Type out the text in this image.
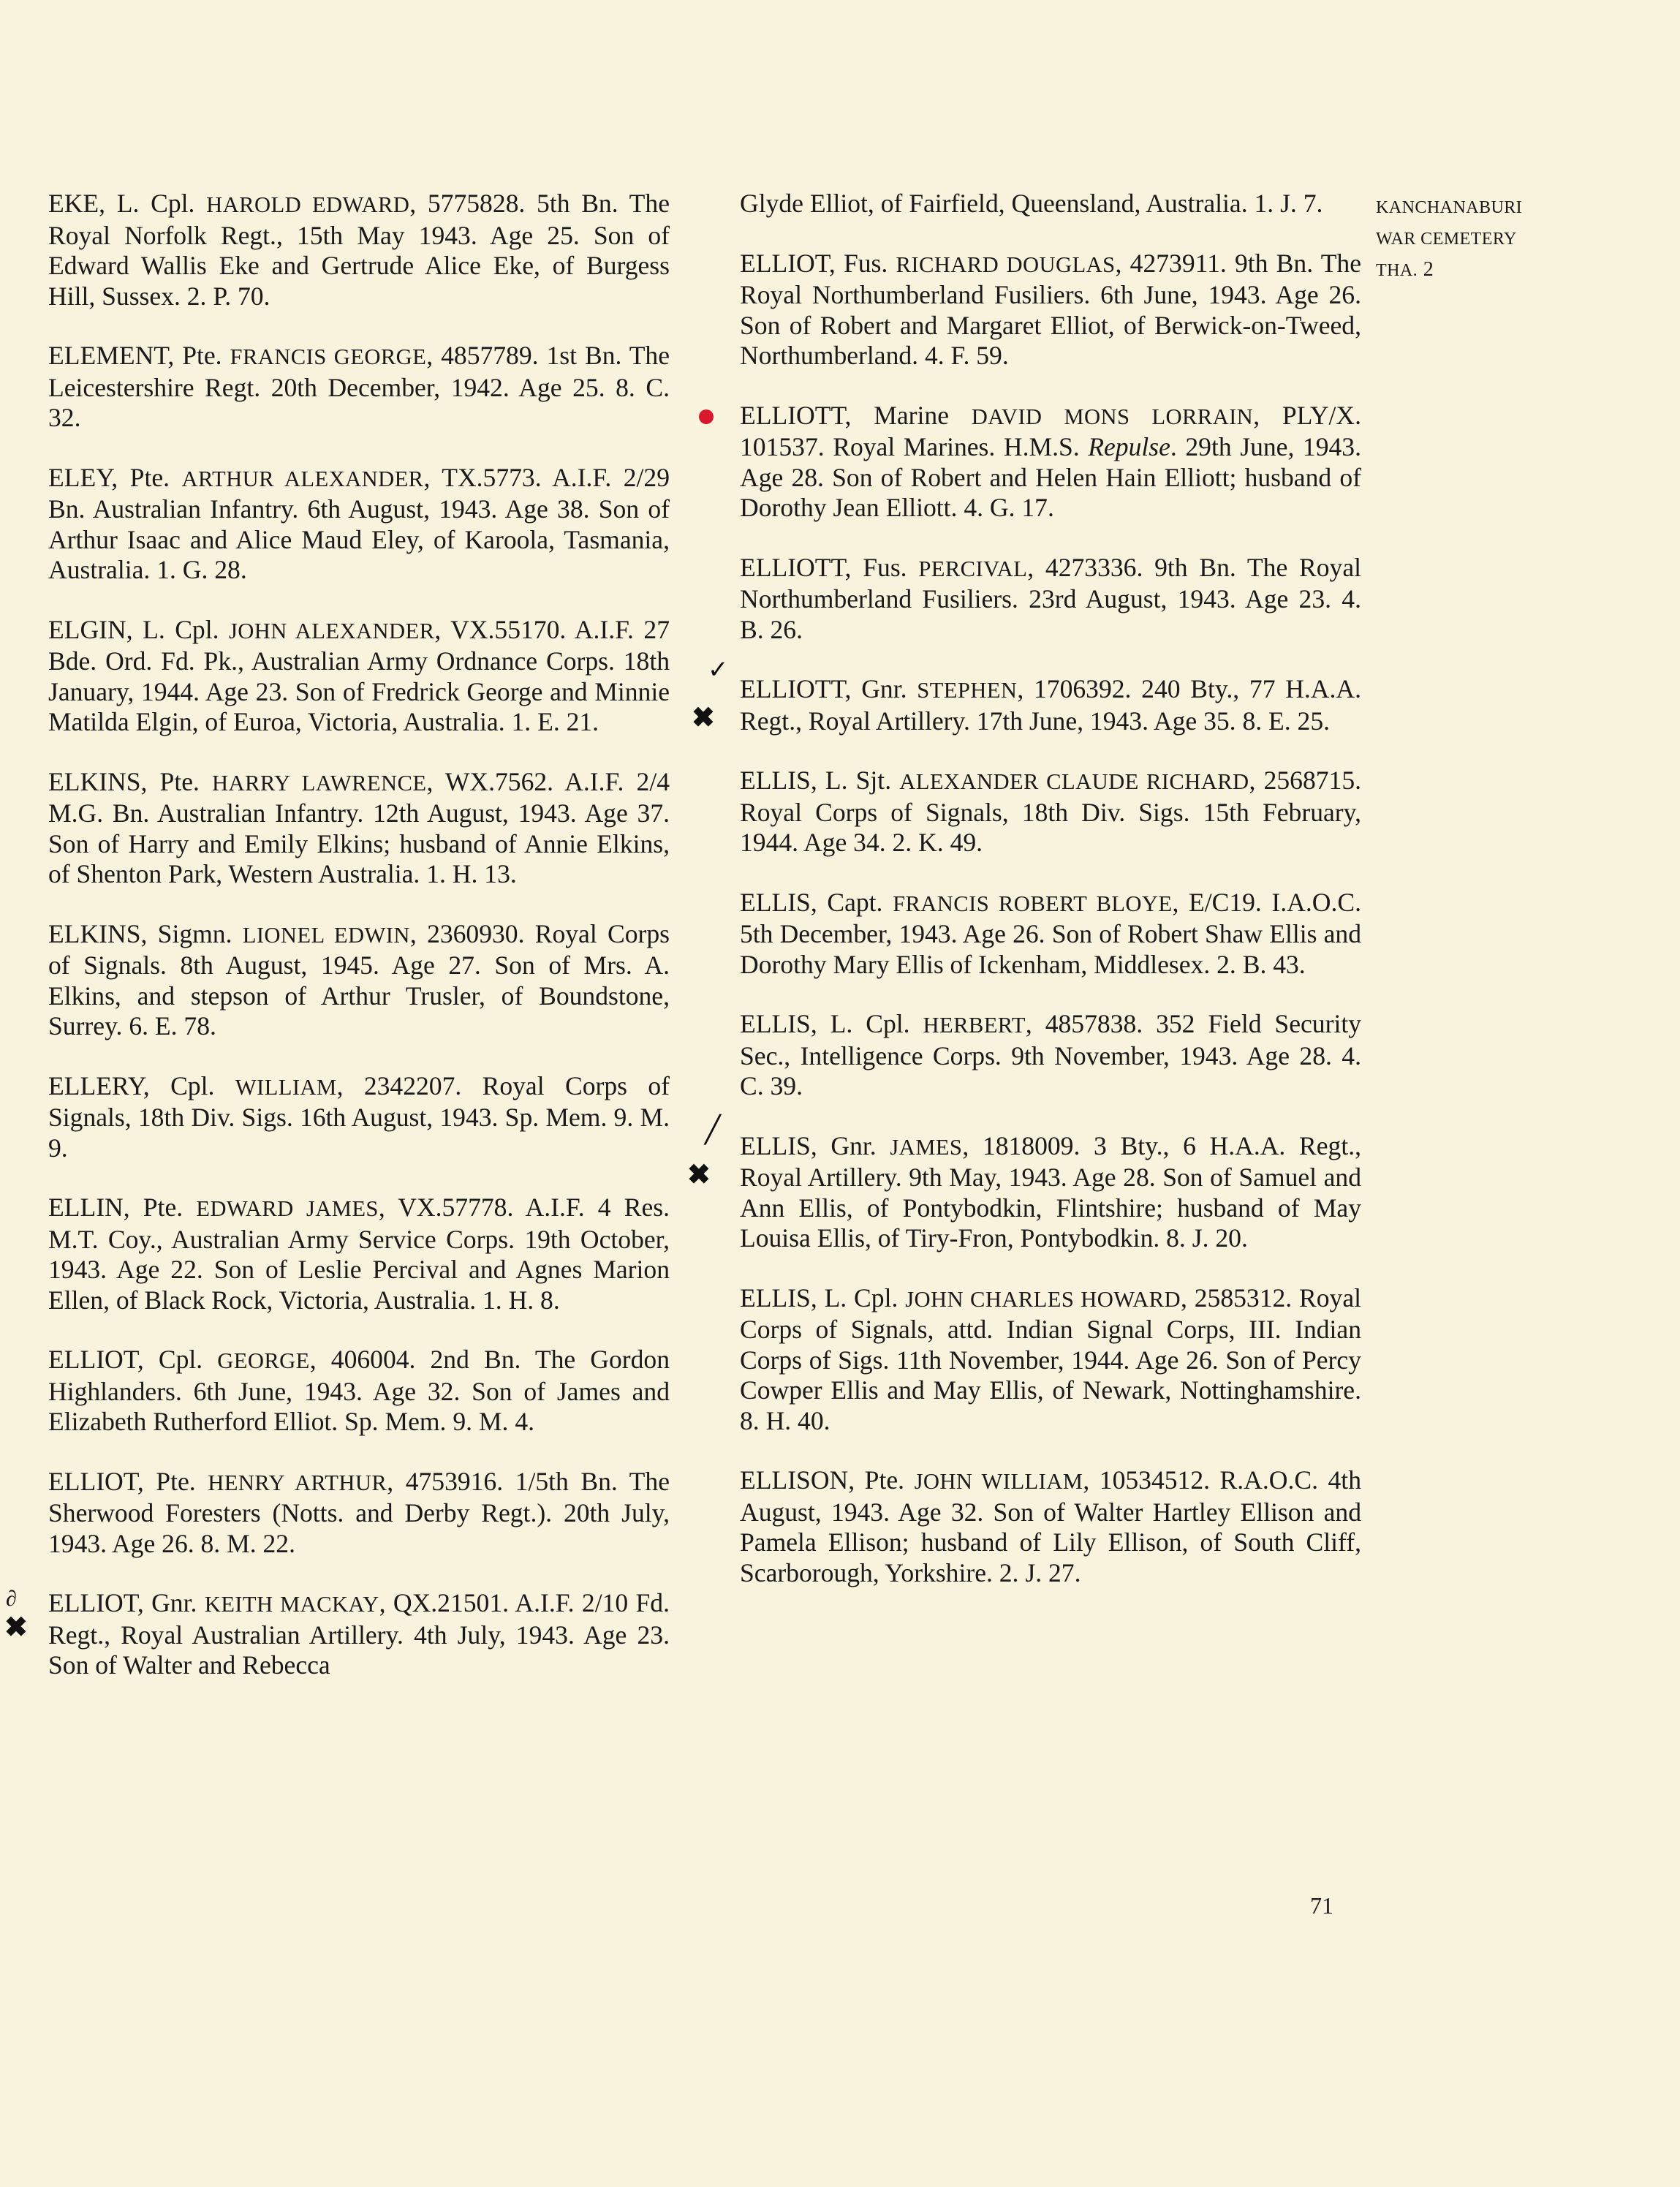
KANCHANABURI
WAR CEMETERY
THA. 2

EKE, L. Cpl. HAROLD EDWARD, 5775828. 5th Bn. The Royal Norfolk Regt., 15th May 1943. Age 25. Son of Edward Wallis Eke and Gertrude Alice Eke, of Burgess Hill, Sussex. 2. P. 70.

ELEMENT, Pte. FRANCIS GEORGE, 4857789. 1st Bn. The Leicestershire Regt. 20th December, 1942. Age 25. 8. C. 32.

ELEY, Pte. ARTHUR ALEXANDER, TX.5773. A.I.F. 2/29 Bn. Australian Infantry. 6th August, 1943. Age 38. Son of Arthur Isaac and Alice Maud Eley, of Karoola, Tasmania, Australia. 1. G. 28.

ELGIN, L. Cpl. JOHN ALEXANDER, VX.55170. A.I.F. 27 Bde. Ord. Fd. Pk., Australian Army Ordnance Corps. 18th January, 1944. Age 23. Son of Fredrick George and Minnie Matilda Elgin, of Euroa, Victoria, Australia. 1. E. 21.

ELKINS, Pte. HARRY LAWRENCE, WX.7562. A.I.F. 2/4 M.G. Bn. Australian Infantry. 12th August, 1943. Age 37. Son of Harry and Emily Elkins; husband of Annie Elkins, of Shenton Park, Western Australia. 1. H. 13.

ELKINS, Sigmn. LIONEL EDWIN, 2360930. Royal Corps of Signals. 8th August, 1945. Age 27. Son of Mrs. A. Elkins, and stepson of Arthur Trusler, of Boundstone, Surrey. 6. E. 78.

ELLERY, Cpl. WILLIAM, 2342207. Royal Corps of Signals, 18th Div. Sigs. 16th August, 1943. Sp. Mem. 9. M. 9.

ELLIN, Pte. EDWARD JAMES, VX.57778. A.I.F. 4 Res. M.T. Coy., Australian Army Service Corps. 19th October, 1943. Age 22. Son of Leslie Percival and Agnes Marion Ellen, of Black Rock, Victoria, Australia. 1. H. 8.

ELLIOT, Cpl. GEORGE, 406004. 2nd Bn. The Gordon Highlanders. 6th June, 1943. Age 32. Son of James and Elizabeth Rutherford Elliot. Sp. Mem. 9. M. 4.

ELLIOT, Pte. HENRY ARTHUR, 4753916. 1/5th Bn. The Sherwood Foresters (Notts. and Derby Regt.). 20th July, 1943. Age 26. 8. M. 22.

∂
✖
ELLIOT, Gnr. KEITH MACKAY, QX.21501. A.I.F. 2/10 Fd. Regt., Royal Australian Artillery. 4th July, 1943. Age 23. Son of Walter and Rebecca

Glyde Elliot, of Fairfield, Queensland, Australia. 1. J. 7.

ELLIOT, Fus. RICHARD DOUGLAS, 4273911. 9th Bn. The Royal Northumberland Fusiliers. 6th June, 1943. Age 26. Son of Robert and Margaret Elliot, of Berwick-on-Tweed, Northumberland. 4. F. 59.

ELLIOTT, Marine DAVID MONS LORRAIN, PLY/X. 101537. Royal Marines. H.M.S. Repulse. 29th June, 1943. Age 28. Son of Robert and Helen Hain Elliott; husband of Dorothy Jean Elliott. 4. G. 17.

ELLIOTT, Fus. PERCIVAL, 4273336. 9th Bn. The Royal Northumberland Fusiliers. 23rd August, 1943. Age 23. 4. B. 26.

✓
✖
ELLIOTT, Gnr. STEPHEN, 1706392. 240 Bty., 77 H.A.A. Regt., Royal Artillery. 17th June, 1943. Age 35. 8. E. 25.

ELLIS, L. Sjt. ALEXANDER CLAUDE RICHARD, 2568715. Royal Corps of Signals, 18th Div. Sigs. 15th February, 1944. Age 34. 2. K. 49.

ELLIS, Capt. FRANCIS ROBERT BLOYE, E/C19. I.A.O.C. 5th December, 1943. Age 26. Son of Robert Shaw Ellis and Dorothy Mary Ellis of Ickenham, Middlesex. 2. B. 43.

ELLIS, L. Cpl. HERBERT, 4857838. 352 Field Security Sec., Intelligence Corps. 9th November, 1943. Age 28. 4. C. 39.

╱
✖
ELLIS, Gnr. JAMES, 1818009. 3 Bty., 6 H.A.A. Regt., Royal Artillery. 9th May, 1943. Age 28. Son of Samuel and Ann Ellis, of Pontybodkin, Flintshire; husband of May Louisa Ellis, of Tiry-Fron, Pontybodkin. 8. J. 20.

ELLIS, L. Cpl. JOHN CHARLES HOWARD, 2585312. Royal Corps of Signals, attd. Indian Signal Corps, III. Indian Corps of Sigs. 11th November, 1944. Age 26. Son of Percy Cowper Ellis and May Ellis, of Newark, Nottinghamshire. 8. H. 40.

ELLISON, Pte. JOHN WILLIAM, 10534512. R.A.O.C. 4th August, 1943. Age 32. Son of Walter Hartley Ellison and Pamela Ellison; husband of Lily Ellison, of South Cliff, Scarborough, Yorkshire. 2. J. 27.

71
